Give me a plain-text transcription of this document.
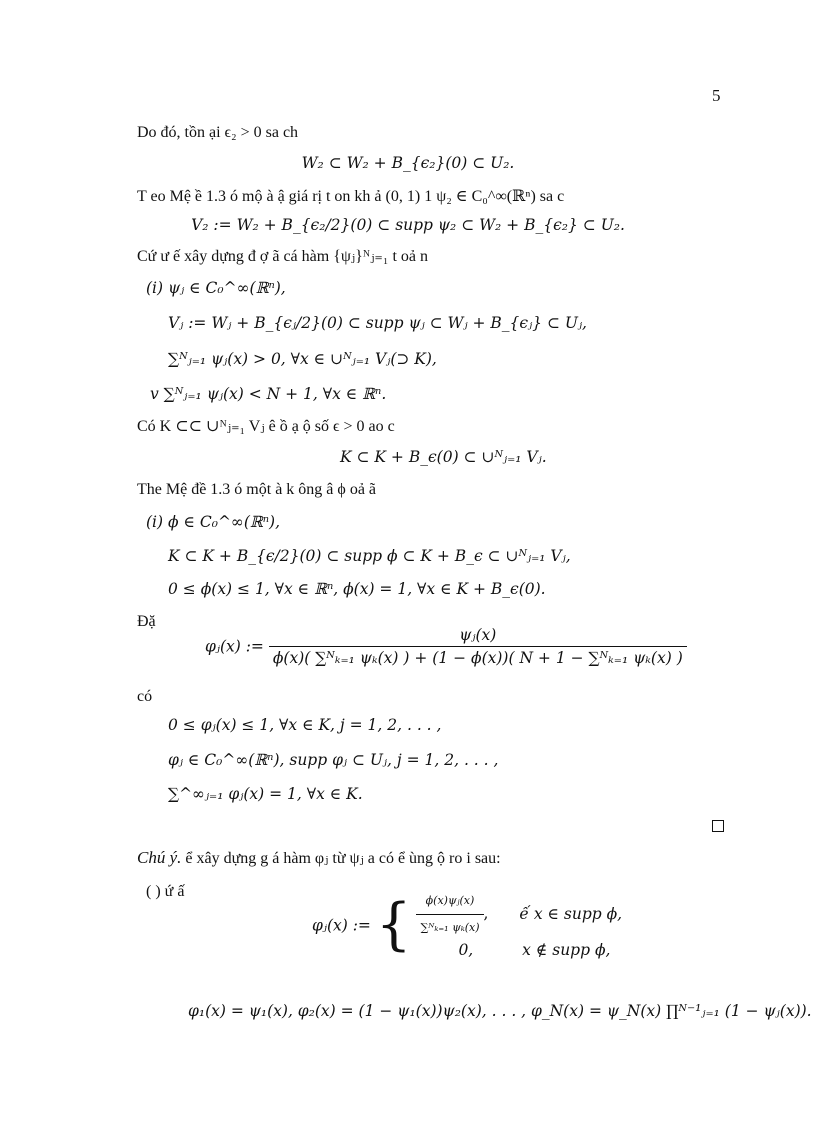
5
Do đó, tồn ại ϵ₂ > 0 sa ch
W₂ ⊂ W₂ + B_{ϵ₂}(0) ⊂ U₂.
T eo Mệ ề 1.3 ó mộ à ậ giá rị t on kh ả (0, 1) 1 ψ₂ ∈ C₀^∞(ℝⁿ) sa c
V₂ := W₂ + B_{ϵ₂/2}(0) ⊂ supp ψ₂ ⊂ W₂ + B_{ϵ₂} ⊂ U₂.
Cứ ư ế xây dựng đ ợ ã cá hàm {ψⱼ}ᴺⱼ₌₁ t oả n
(i) ψⱼ ∈ C₀^∞(ℝⁿ),
Vⱼ := Wⱼ + B_{ϵⱼ/2}(0) ⊂ supp ψⱼ ⊂ Wⱼ + B_{ϵⱼ} ⊂ Uⱼ,
∑ᴺⱼ₌₁ ψⱼ(x) > 0, ∀x ∈ ∪ᴺⱼ₌₁ Vⱼ(⊃ K),
v ∑ᴺⱼ₌₁ ψⱼ(x) < N + 1, ∀x ∈ ℝⁿ.
Có K ⊂⊂ ∪ᴺⱼ₌₁ Vⱼ ê ồ ạ ộ số ϵ > 0 ao c
K ⊂ K + B_ϵ(0) ⊂ ∪ᴺⱼ₌₁ Vⱼ.
The Mệ đề 1.3 ó một à k ông â ϕ oả ã
(i) ϕ ∈ C₀^∞(ℝⁿ),
K ⊂ K + B_{ϵ/2}(0) ⊂ supp ϕ ⊂ K + B_ϵ ⊂ ∪ᴺⱼ₌₁ Vⱼ,
0 ≤ ϕ(x) ≤ 1, ∀x ∈ ℝⁿ, ϕ(x) = 1, ∀x ∈ K + B_ϵ(0).
Đặ
φⱼ(x) := $\frac{\text{ψⱼ(x)}}{\text{ϕ(x)( ∑ᴺₖ₌₁ ψₖ(x) ) + (1 − ϕ(x))( N + 1 − ∑ᴺₖ₌₁ ψₖ(x) )}}$
có
0 ≤ φⱼ(x) ≤ 1, ∀x ∈ K, j = 1, 2, . . . ,
φⱼ ∈ C₀^∞(ℝⁿ), supp φⱼ ⊂ Uⱼ, j = 1, 2, . . . ,
∑^∞ⱼ₌₁ φⱼ(x) = 1, ∀x ∈ K.
Chú ý. ể xây dựng g á hàm φⱼ từ ψⱼ a có ể ùng ộ ro i sau:
( ) ứ ấ
φⱼ(x) := { $\frac{\text{ϕ(x)ψⱼ(x)}}{\text{∑ᴺₖ₌₁ ψₖ(x)}}$ , ế x ∈ supp ϕ,
0,	x ∉ supp ϕ,
φ₁(x) = ψ₁(x), φ₂(x) = (1 − ψ₁(x))ψ₂(x), . . . , φ_N(x) = ψ_N(x) ∏ᴺ⁻¹ⱼ₌₁ (1 − ψⱼ(x)).
